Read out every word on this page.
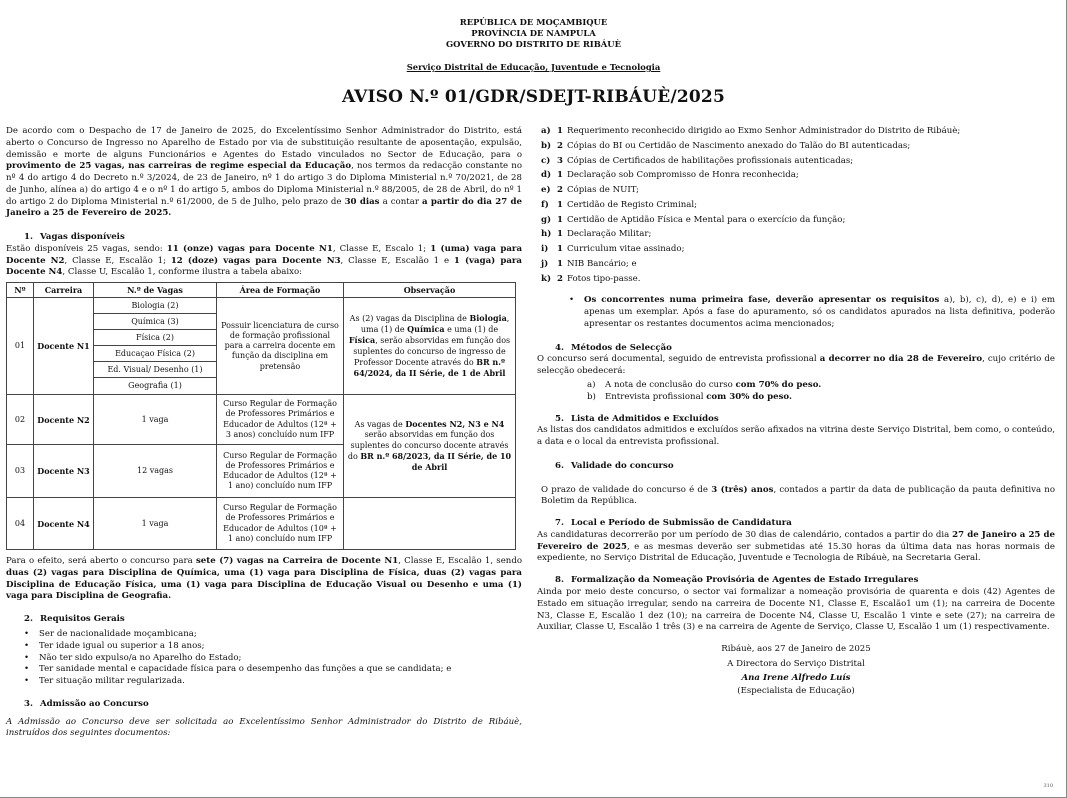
REPÚBLICA DE MOÇAMBIQUE
PROVÍNCIA DE NAMPULA
GOVERNO DO DISTRITO DE RIBÁUÈ
Serviço Distrital de Educação, Juventude e Tecnologia
AVISO N.º 01/GDR/SDEJT-RIBÁUÈ/2025

De acordo com o Despacho de 17 de Janeiro de 2025, do Excelentíssimo Senhor Administrador do Distrito, está aberto o Concurso de Ingresso no Aparelho de Estado por via de substituição resultante de aposentação, expulsão, demissão e morte de alguns Funcionários e Agentes do Estado vinculados no Sector de Educação, para o provimento de 25 vagas, nas carreiras de regime especial da Educação, nos termos da redacção constante no nº 4 do artigo 4 do Decreto n.º 3/2024, de 23 de Janeiro, nº 1 do artigo 3 do Diploma Ministerial n.º 70/2021, de 28 de Junho, alínea a) do artigo 4 e o nº 1 do artigo 5, ambos do Diploma Ministerial n.º 88/2005, de 28 de Abril, do nº 1 do artigo 2 do Diploma Ministerial n.º 61/2000, de 5 de Julho, pelo prazo de 30 dias a contar a partir do dia 27 de Janeiro a 25 de Fevereiro de 2025.

1. Vagas disponíveis

Estão disponíveis 25 vagas, sendo: 11 (onze) vagas para Docente N1, Classe E, Escalo 1; 1 (uma) vaga para Docente N2, Classe E, Escalão 1; 12 (doze) vagas para Docente N3, Classe E, Escalão 1 e 1 (vaga) para Docente N4, Classe U, Escalão 1, conforme ilustra a tabela abaixo:

Nº	Carreira	N.º de Vagas	Área de Formação	Observação
01	Docente N1	Biologia (2)	Possuir licenciatura de curso de formação profissional para a carreira docente em função da disciplina em pretensão	As (2) vagas da Disciplina de Biologia, uma (1) de Química e uma (1) de Física, serão absorvidas em função dos suplentes do concurso de ingresso de Professor Docente através do BR n.º 64/2024, da II Série, de 1 de Abril
		Química (3)		
		Física (2)		
		Educaçao Física (2)		
		Ed. Visual/ Desenho (1)		
		Geografia (1)		
02	Docente N2	1 vaga	Curso Regular de Formação de Professores Primários e Educador de Adultos (12ª + 3 anos) concluído num IFP	As vagas de Docentes N2, N3 e N4 serão absorvidas em função dos suplentes do concurso docente através do BR n.º 68/2023, da II Série, de 10 de Abril
03	Docente N3	12 vagas	Curso Regular de Formação de Professores Primários e Educador de Adultos (12ª + 1 ano) concluído num IFP	
04	Docente N4	1 vaga	Curso Regular de Formação de Professores Primários e Educador de Adultos (10ª + 1 ano) concluído num IFP	

Para o efeito, será aberto o concurso para sete (7) vagas na Carreira de Docente N1, Classe E, Escalão 1, sendo duas (2) vagas para Disciplina de Química, uma (1) vaga para Disciplina de Física, duas (2) vagas para Disciplina de Educação Física, uma (1) vaga para Disciplina de Educação Visual ou Desenho e uma (1) vaga para Disciplina de Geografia.

2. Requisitos Gerais
• Ser de nacionalidade moçambicana;
• Ter idade igual ou superior a 18 anos;
• Não ter sido expulso/a no Aparelho do Estado;
• Ter sanidade mental e capacidade física para o desempenho das funções a que se candidata; e
• Ter situação militar regularizada.
3. Admissão ao Concurso

A Admissão ao Concurso deve ser solicitada ao Excelentíssimo Senhor Administrador do Distrito de Ribáuè, instruídos dos seguintes documentos:

a) 1 Requerimento reconhecido dirigido ao Exmo Senhor Administrador do Distrito de Ribáuè;
b) 2 Cópias do BI ou Certidão de Nascimento anexado do Talão do BI autenticadas;
c) 3 Cópias de Certificados de habilitações profissionais autenticadas;
d) 1 Declaração sob Compromisso de Honra reconhecida;
e) 2 Cópias de NUIT;
f) 1 Certidão de Registo Criminal;
g) 1 Certidão de Aptidão Física e Mental para o exercício da função;
h) 1 Declaração Militar;
i)	1 Curriculum vitae assinado;
j)	1 NIB Bancário; e
k) 2 Fotos tipo-passe.
• Os concorrentes numa primeira fase, deverão apresentar os requisitos a), b), c), d), e) e i) em apenas um exemplar. Após a fase do apuramento, só os candidatos apurados na lista definitiva, poderão apresentar os restantes documentos acima mencionados;
4. Métodos de Selecção

O concurso será documental, seguido de entrevista profissional a decorrer no dia 28 de Fevereiro, cujo critério de selecção obedecerá:

a) A nota de conclusão do curso com 70% do peso.
b) Entrevista profissional com 30% do peso.
5. Lista de Admitidos e Excluídos

As listas dos candidatos admitidos e excluídos serão afixados na vitrina deste Serviço Distrital, bem como, o conteúdo, a data e o local da entrevista profissional.

6. Validade do concurso

O prazo de validade do concurso é de 3 (três) anos, contados a partir da data de publicação da pauta definitiva no Boletim da República.

7. Local e Período de Submissão de Candidatura

As candidaturas decorrerão por um período de 30 dias de calendário, contados a partir do dia 27 de Janeiro a 25 de Fevereiro de 2025, e as mesmas deverão ser submetidas até 15.30 horas da última data nas horas normais de expediente, no Serviço Distrital de Educação, Juventude e Tecnologia de Ribáuè, na Secretaria Geral.

8. Formalização da Nomeação Provisória de Agentes de Estado Irregulares

Ainda por meio deste concurso, o sector vai formalizar a nomeação provisória de quarenta e dois (42) Agentes de Estado em situação irregular, sendo na carreira de Docente N1, Classe E, Escalão1 um (1); na carreira de Docente N3, Classe E, Escalão 1 dez (10); na carreira de Docente N4, Classe U, Escalão 1 vinte e sete (27); na carreira de Auxiliar, Classe U, Escalão 1 três (3) e na carreira de Agente de Serviço, Classe U, Escalão 1 um (1) respectivamente.

Ribáuè, aos 27 de Janeiro de 2025
A Directora do Serviço Distrital
Ana Irene Alfredo Luís
(Especialista de Educação)
310
